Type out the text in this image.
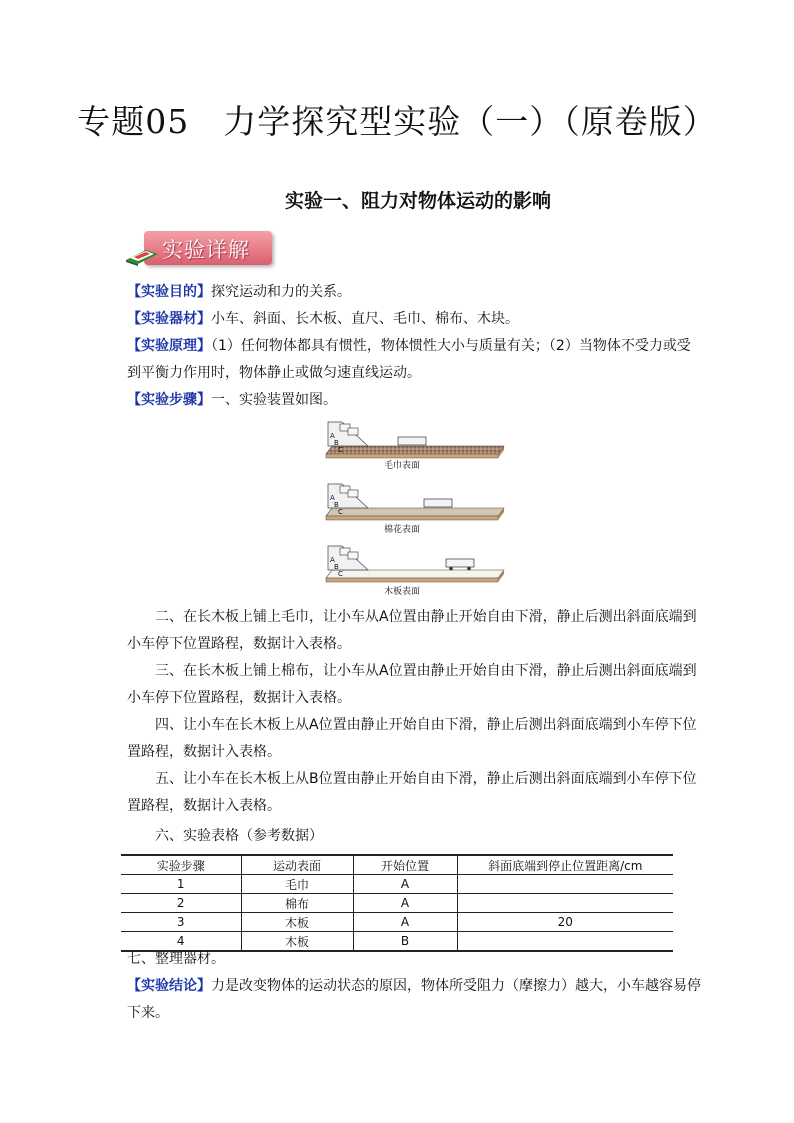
专题05　力学探究型实验（一）（原卷版）
实验一、阻力对物体运动的影响
实验详解
【实验目的】探究运动和力的关系。
【实验器材】小车、斜面、长木板、直尺、毛巾、棉布、木块。
【实验原理】（1）任何物体都具有惯性，物体惯性大小与质量有关；（2）当物体不受力或受到平衡力作用时，物体静止或做匀速直线运动。
【实验步骤】一、实验装置如图。
A
B
C
毛巾表面
A
B
C
棉花表面
A
B
C
木板表面
二、在长木板上铺上毛巾，让小车从A位置由静止开始自由下滑，静止后测出斜面底端到小车停下位置路程，数据计入表格。
三、在长木板上铺上棉布，让小车从A位置由静止开始自由下滑，静止后测出斜面底端到小车停下位置路程，数据计入表格。
四、让小车在长木板上从A位置由静止开始自由下滑，静止后测出斜面底端到小车停下位置路程，数据计入表格。
五、让小车在长木板上从B位置由静止开始自由下滑，静止后测出斜面底端到小车停下位置路程，数据计入表格。
六、实验表格（参考数据）
实验步骤	运动表面	开始位置	斜面底端到停止位置距离/cm
1	毛巾	A	
2	棉布	A	
3	木板	A	20
4	木板	B	
七、整理器材。
【实验结论】力是改变物体的运动状态的原因，物体所受阻力（摩擦力）越大，小车越容易停下来。
